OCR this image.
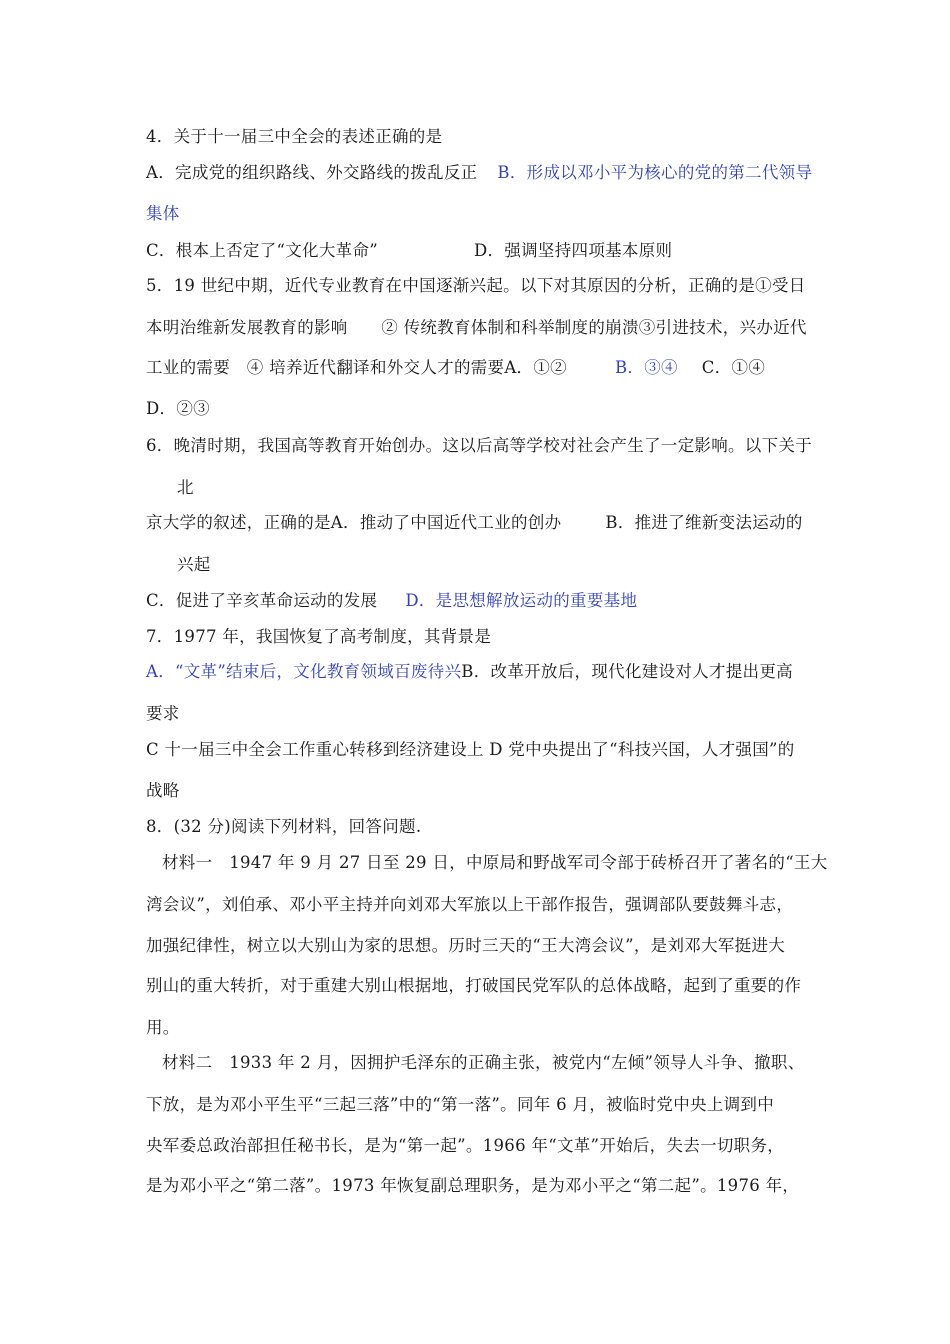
4．关于十一届三中全会的表述正确的是
A．完成党的组织路线、外交路线的拨乱反正 B．形成以邓小平为核心的党的第二代领导
集体
C．根本上否定了“文化大革命”	D．强调坚持四项基本原则
5．19 世纪中期，近代专业教育在中国逐渐兴起。以下对其原因的分析，正确的是①受日
本明治维新发展教育的影响　　② 传统教育体制和科举制度的崩溃③引进技术，兴办近代
工业的需要　④ 培养近代翻译和外交人才的需要A．①②	B．③④ C．①④
D．②③
6．晚清时期，我国高等教育开始创办。这以后高等学校对社会产生了一定影响。以下关于
北
京大学的叙述，正确的是A．推动了中国近代工业的创办	B．推进了维新变法运动的
兴起
C．促进了辛亥革命运动的发展 D．是思想解放运动的重要基地
7．1977 年，我国恢复了高考制度，其背景是
A．“文革”结束后，文化教育领域百废待兴B．改革开放后，现代化建设对人才提出更高
要求
C 十一届三中全会工作重心转移到经济建设上 D 党中央提出了“科技兴国，人才强国”的
战略
8．(32 分)阅读下列材料，回答问题.
材料一　1947 年 9 月 27 日至 29 日，中原局和野战军司令部于砖桥召开了著名的“王大
湾会议”，刘伯承、邓小平主持并向刘邓大军旅以上干部作报告，强调部队要鼓舞斗志，
加强纪律性，树立以大别山为家的思想。历时三天的“王大湾会议”，是刘邓大军挺进大
别山的重大转折，对于重建大别山根据地，打破国民党军队的总体战略，起到了重要的作
用。
材料二　1933 年 2 月，因拥护毛泽东的正确主张，被党内“左倾”领导人斗争、撤职、
下放，是为邓小平生平“三起三落”中的“第一落”。同年 6 月，被临时党中央上调到中
央军委总政治部担任秘书长，是为“第一起”。1966 年“文革”开始后，失去一切职务，
是为邓小平之“第二落”。1973 年恢复副总理职务，是为邓小平之“第二起”。1976 年，
